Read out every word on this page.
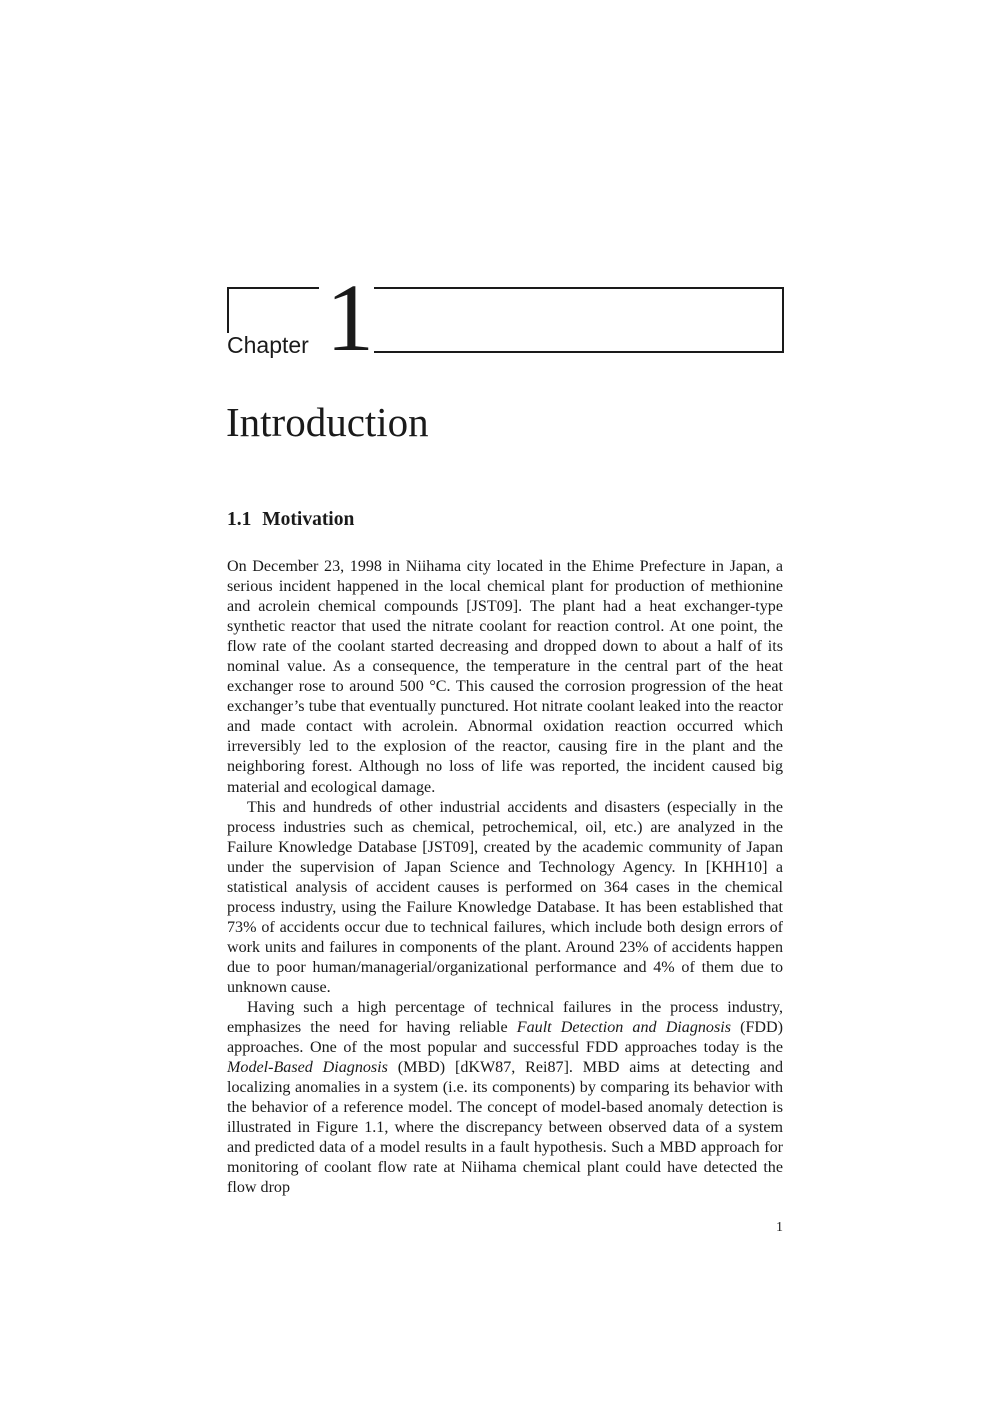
Chapter 1
Introduction
1.1 Motivation

On December 23, 1998 in Niihama city located in the Ehime Prefecture in Japan, a serious incident happened in the local chemical plant for production of methionine and acrolein chemical compounds [JST09]. The plant had a heat exchanger-type synthetic reactor that used the nitrate coolant for reaction control. At one point, the flow rate of the coolant started decreasing and dropped down to about a half of its nominal value. As a consequence, the temperature in the central part of the heat exchanger rose to around 500 °C. This caused the corrosion progression of the heat exchanger’s tube that eventually punctured. Hot nitrate coolant leaked into the reactor and made contact with acrolein. Abnormal oxidation reaction occurred which irreversibly led to the explosion of the reactor, causing fire in the plant and the neighboring forest. Although no loss of life was reported, the incident caused big material and ecological damage.

This and hundreds of other industrial accidents and disasters (especially in the process industries such as chemical, petrochemical, oil, etc.) are analyzed in the Failure Knowledge Database [JST09], created by the academic community of Japan under the supervision of Japan Science and Technology Agency. In [KHH10] a statistical analysis of accident causes is performed on 364 cases in the chemical process industry, using the Failure Knowledge Database. It has been established that 73% of accidents occur due to technical failures, which include both design errors of work units and failures in components of the plant. Around 23% of accidents happen due to poor human/managerial/organizational performance and 4% of them due to unknown cause.

Having such a high percentage of technical failures in the process industry, emphasizes the need for having reliable Fault Detection and Diagnosis (FDD) approaches. One of the most popular and successful FDD approaches today is the Model-Based Diagnosis (MBD) [dKW87, Rei87]. MBD aims at detecting and localizing anomalies in a system (i.e. its components) by comparing its behavior with the behavior of a reference model. The concept of model-based anomaly detection is illustrated in Figure 1.1, where the discrepancy between observed data of a system and predicted data of a model results in a fault hypothesis. Such a MBD approach for monitoring of coolant flow rate at Niihama chemical plant could have detected the flow drop

1
